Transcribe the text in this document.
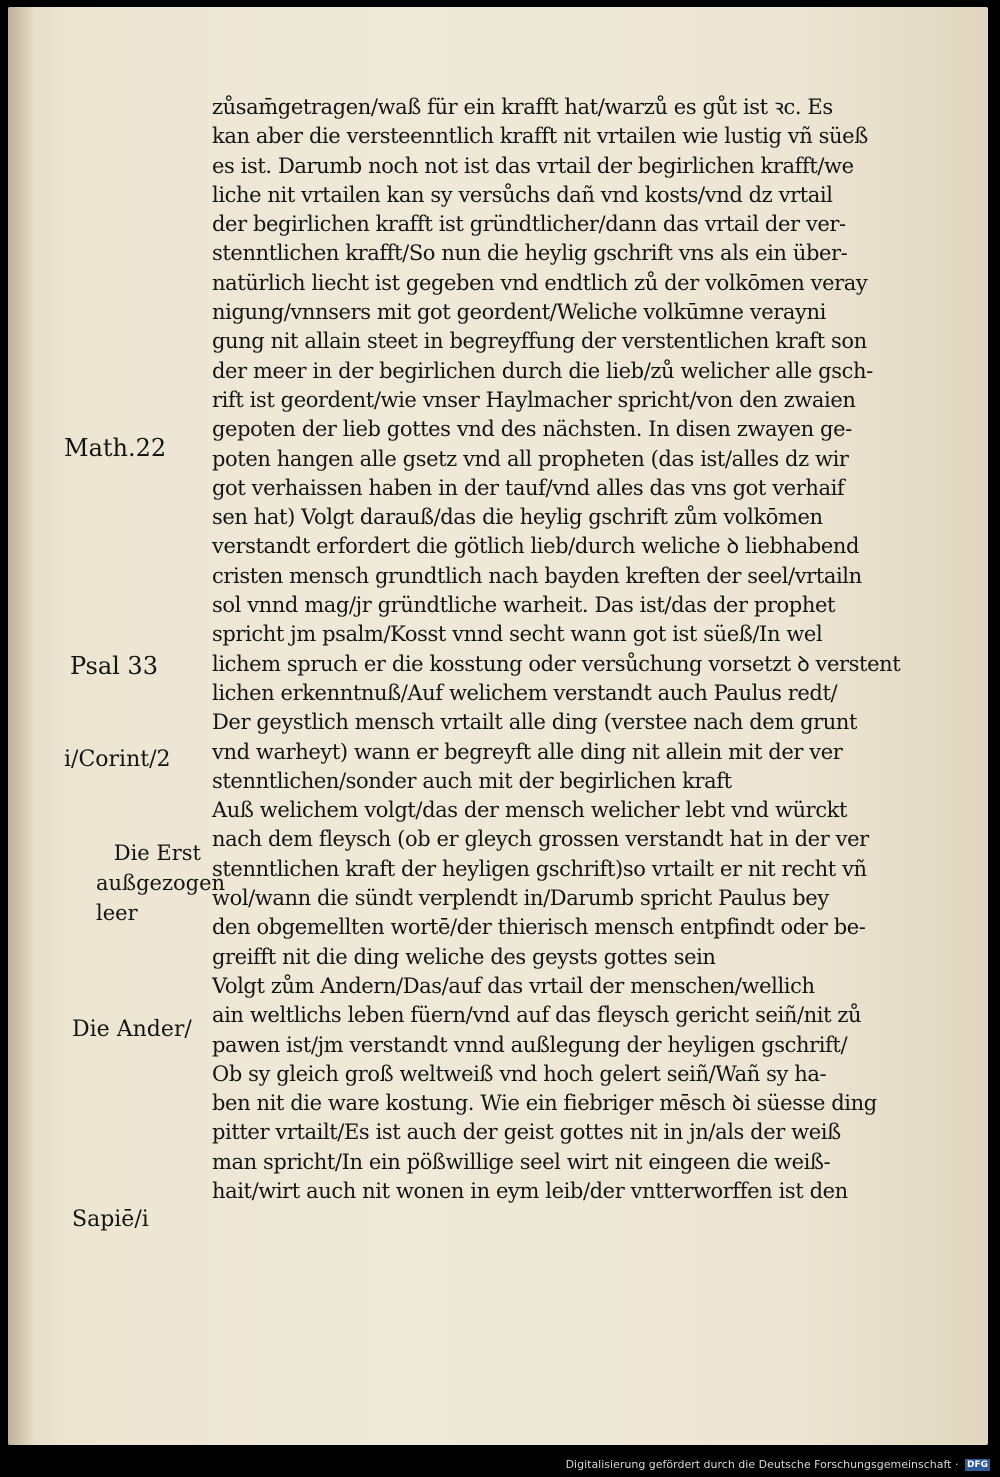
zůsam̄getragen/waß für ein krafft hat/warzů es gůt ist ꝛc. Es
kan aber die versteenntlich krafft nit vrtailen wie lustig vñ süeß
es ist. Darumb noch not ist das vrtail der begirlichen krafft/we
liche nit vrtailen kan sy versůchs dañ vnd kosts/vnd dz vrtail
der begirlichen krafft ist gründtlicher/dann das vrtail der ver-
stenntlichen krafft/So nun die heylig gschrift vns als ein über-
natürlich liecht ist gegeben vnd endtlich zů der volkōmen veray
nigung/vnnsers mit got geordent/Weliche volkūmne verayni
gung nit allain steet in begreyffung der verstentlichen kraft son
der meer in der begirlichen durch die lieb/zů welicher alle gsch-
rift ist geordent/wie vnser Haylmacher spricht/von den zwaien
gepoten der lieb gottes vnd des nächsten. In disen zwayen ge-
poten hangen alle gsetz vnd all propheten (das ist/alles dz wir
got verhaissen haben in der tauf/vnd alles das vns got verhaif
sen hat) Volgt darauß/das die heylig gschrift zům volkōmen
verstandt erfordert die götlich lieb/durch weliche ꝺ liebhabend
cristen mensch grundtlich nach bayden kreften der seel/vrtailn
sol vnnd mag/jr gründtliche warheit. Das ist/das der prophet
spricht jm psalm/Kosst vnnd secht wann got ist süeß/In wel
lichem spruch er die kosstung oder versůchung vorsetzt ꝺ verstent
lichen erkenntnuß/Auf welichem verstandt auch Paulus redt/
Der geystlich mensch vrtailt alle ding (verstee nach dem grunt
vnd warheyt) wann er begreyft alle ding nit allein mit der ver
stenntlichen/sonder auch mit der begirlichen kraft
Auß welichem volgt/das der mensch welicher lebt vnd würckt
nach dem fleysch (ob er gleych grossen verstandt hat in der ver
stenntlichen kraft der heyligen gschrift)so vrtailt er nit recht vñ
wol/wann die sündt verplendt in/Darumb spricht Paulus bey
den obgemellten wortē/der thierisch mensch entpfindt oder be-
greifft nit die ding weliche des geysts gottes sein
Volgt zům Andern/Das/auf das vrtail der menschen/wellich
ain weltlichs leben füern/vnd auf das fleysch gericht seiñ/nit zů
pawen ist/jm verstandt vnnd außlegung der heyligen gschrift/
Ob sy gleich groß weltweiß vnd hoch gelert seiñ/Wañ sy ha-
ben nit die ware kostung. Wie ein fiebriger mēsch ꝺi süesse ding
pitter vrtailt/Es ist auch der geist gottes nit in jn/als der weiß
man spricht/In ein pößwillige seel wirt nit eingeen die weiß-
hait/wirt auch nit wonen in eym leib/der vntterworffen ist den
Math.22
Psal 33
i/Corint/2
Die Erst
außgezogen
leer
Die Ander/
Sapiē/i
Digitalisierung gefördert durch die Deutsche Forschungsgemeinschaft · DFG
